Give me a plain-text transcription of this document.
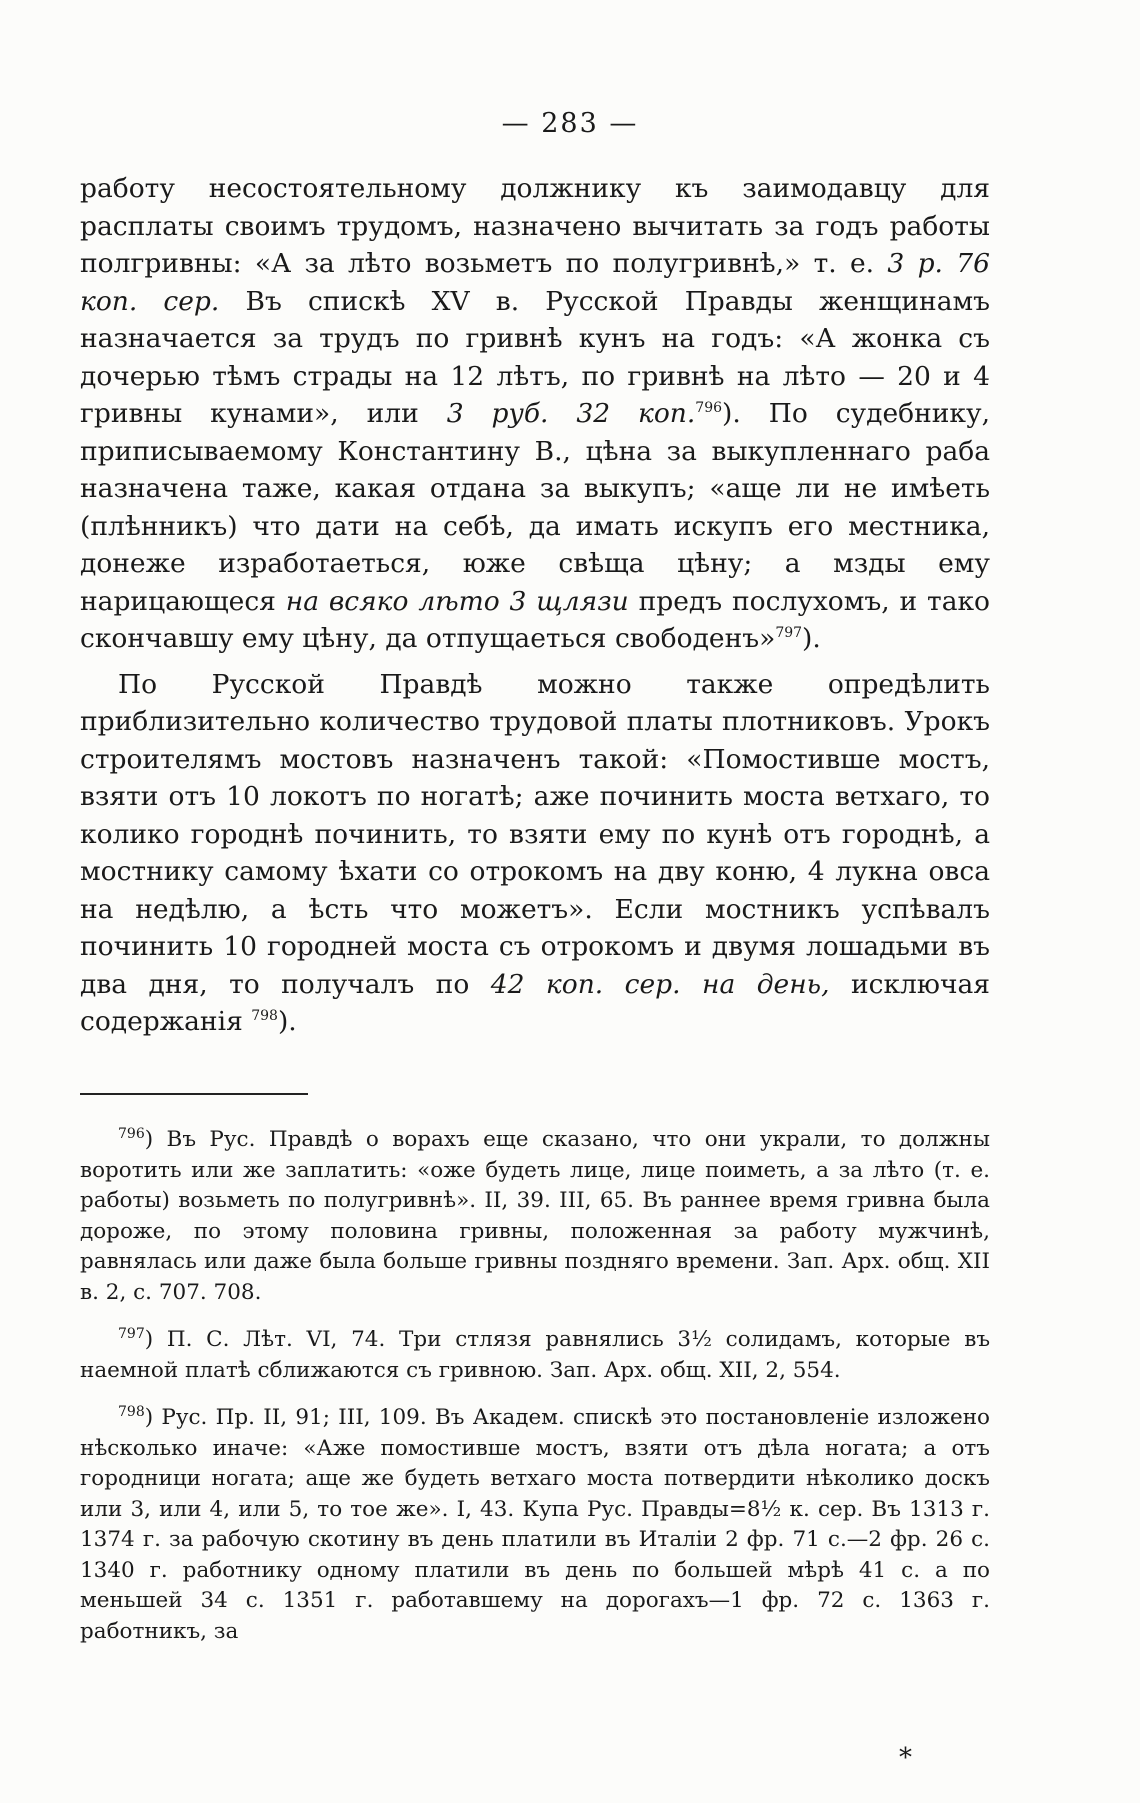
— 283 —

работу несостоятельному должнику къ заимодавцу для расплаты своимъ трудомъ, назначено вычитать за годъ работы полгривны: «А за лѣто возьметъ по полугривнѣ,» т. е. 3 р. 76 коп. сер. Въ спискѣ XV в. Русской Правды женщинамъ назначается за трудъ по гривнѣ кунъ на годъ: «А жонка съ дочерью тѣмъ страды на 12 лѣтъ, по гривнѣ на лѣто — 20 и 4 гривны кунами», или 3 руб. 32 коп.$^{796}$). По судебнику, приписываемому Константину В., цѣна за выкупленнаго раба назначена таже, какая отдана за выкупъ; «аще ли не имѣеть (плѣнникъ) что дати на себѣ, да имать искупъ его местника, донеже изработаеться, юже свѣща цѣну; а мзды ему нарицающеся на всяко лѣто 3 щлязи предъ послухомъ, и тако скончавшу ему цѣну, да отпущаеться свободенъ»$^{797}$).

По Русской Правдѣ можно также опредѣлить приблизительно количество трудовой платы плотниковъ. Урокъ строителямъ мостовъ назначенъ такой: «Помостивше мостъ, взяти отъ 10 локотъ по ногатѣ; аже починить моста ветхаго, то колико городнѣ починить, то взяти ему по кунѣ отъ городнѣ, а мостнику самому ѣхати со отрокомъ на дву коню, 4 лукна овса на недѣлю, а ѣсть что можетъ». Если мостникъ успѣвалъ починить 10 городней моста съ отрокомъ и двумя лошадьми въ два дня, то получалъ по 42 коп. сер. на день, исключая содержанія $^{798}$).

$^{796}$) Въ Рус. Правдѣ о ворахъ еще сказано, что они украли, то должны воротить или же заплатить: «оже будеть лице, лице поиметь, а за лѣто (т. е. работы) возьметь по полугривнѣ». II, 39. III, 65. Въ раннее время гривна была дороже, по этому половина гривны, положенная за работу мужчинѣ, равнялась или даже была больше гривны поздняго времени. Зап. Арх. общ. XII в. 2, с. 707. 708.

$^{797}$) П. С. Лѣт. VI, 74. Три стлязя равнялись 3½ солидамъ, которые въ наемной платѣ сближаются съ гривною. Зап. Арх. общ. XII, 2, 554.

$^{798}$) Рус. Пр. II, 91; III, 109. Въ Академ. спискѣ это постановленіе изложено нѣсколько иначе: «Аже помостивше мостъ, взяти отъ дѣла ногата; а отъ городници ногата; аще же будеть ветхаго моста потвердити нѣколико доскъ или 3, или 4, или 5, то тое же». I, 43. Купа Рус. Правды=8½ к. сер. Въ 1313 г. 1374 г. за рабочую скотину въ день платили въ Италіи 2 фр. 71 с.—2 фр. 26 с. 1340 г. работнику одному платили въ день по большей мѣрѣ 41 с. а по меньшей 34 с. 1351 г. работавшему на дорогахъ—1 фр. 72 с. 1363 г. работникъ, за

*
